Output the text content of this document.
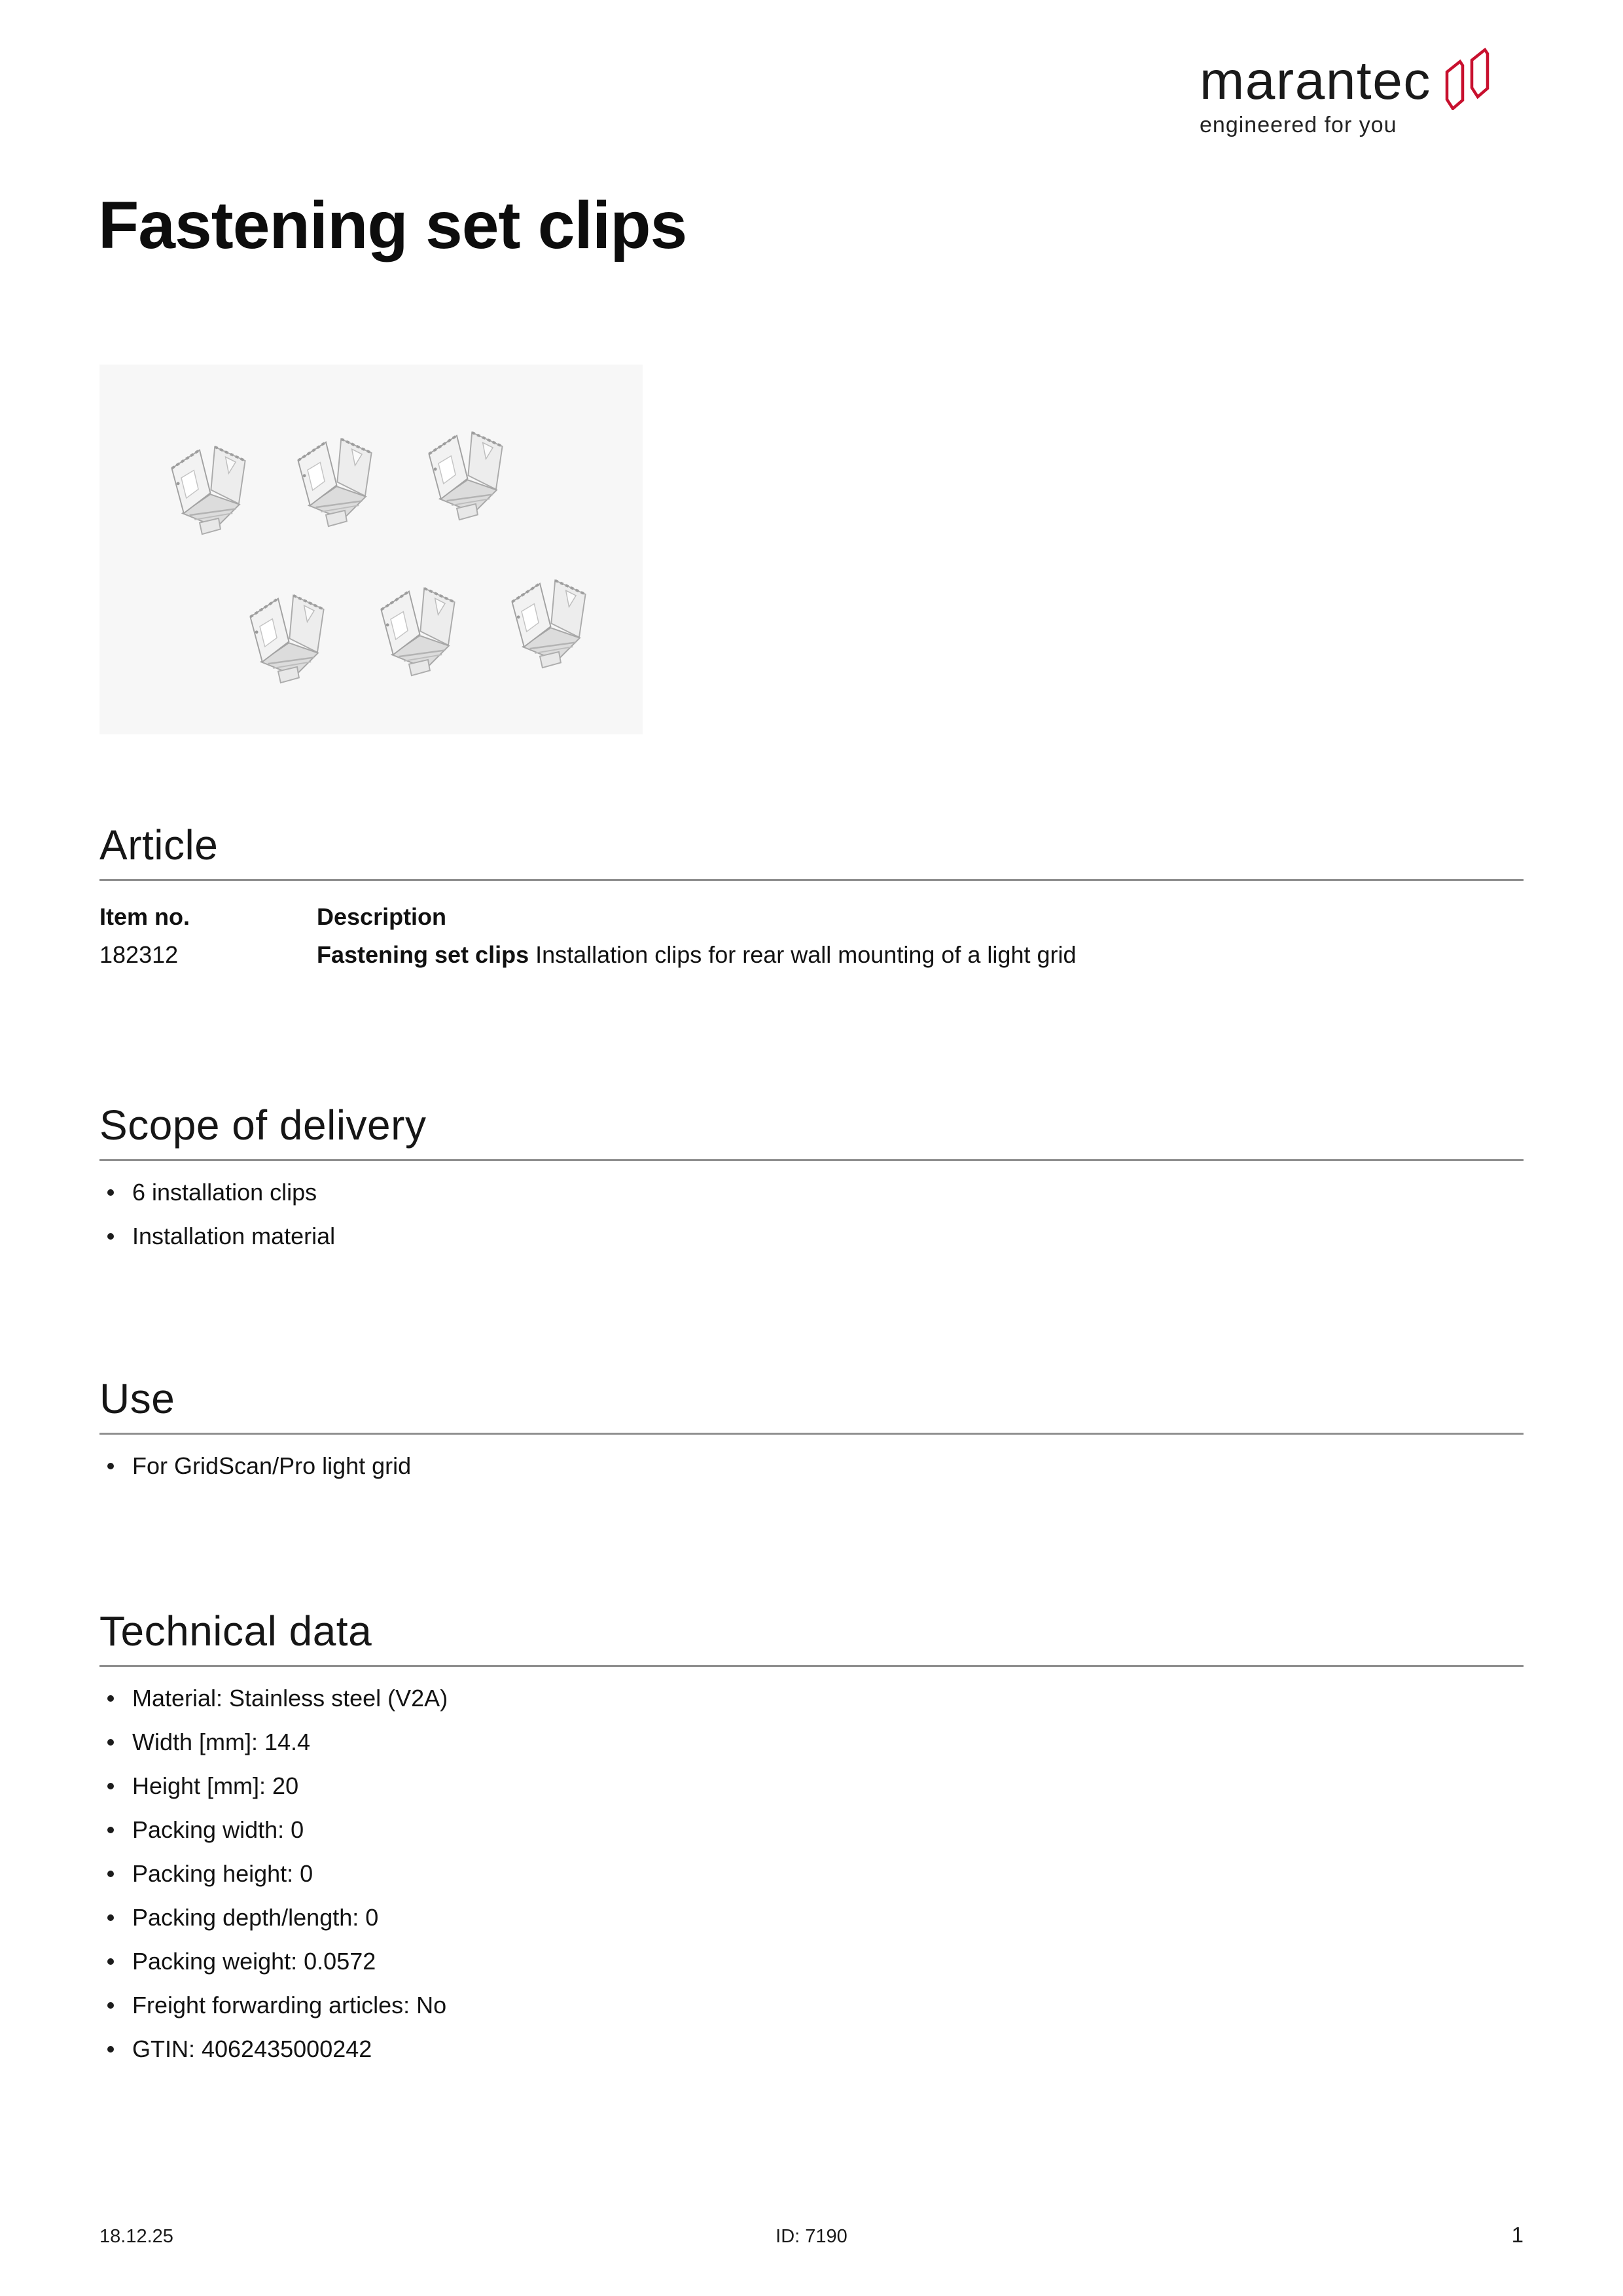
marantec
engineered for you
Fastening set clips
Article
Item no.	Description
182312	Fastening set clips Installation clips for rear wall mounting of a light grid
Scope of delivery
6 installation clips
Installation material
Use
For GridScan/Pro light grid
Technical data
Material: Stainless steel (V2A)
Width [mm]: 14.4
Height [mm]: 20
Packing width: 0
Packing height: 0
Packing depth/length: 0
Packing weight: 0.0572
Freight forwarding articles: No
GTIN: 4062435000242
18.12.25	ID: 7190	1
